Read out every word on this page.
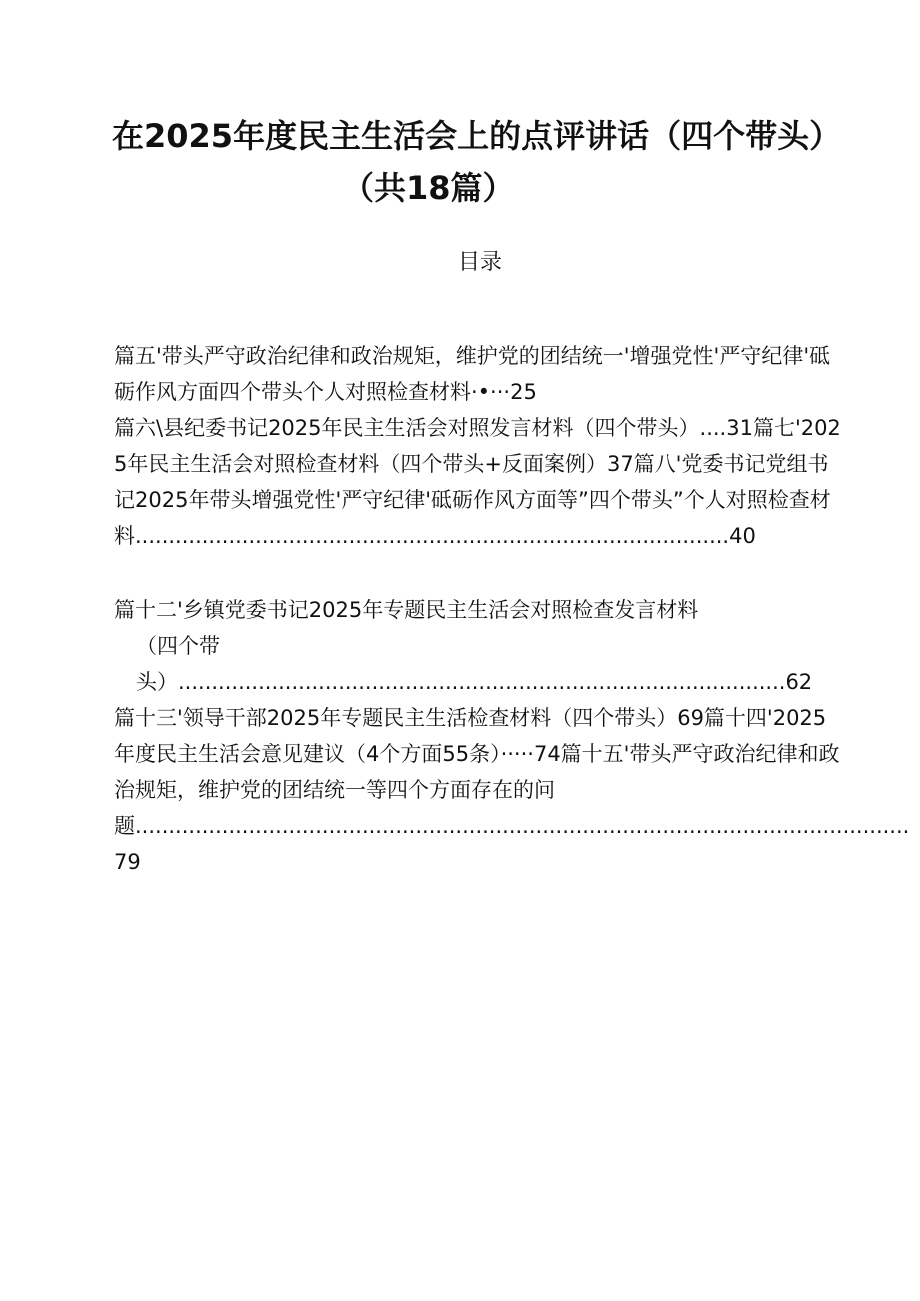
在2025年度民主生活会上的点评讲话（四个带头）
（共18篇）
目录

篇五'带头严守政治纪律和政治规矩，维护党的团结统一'增强党性'严守纪律'砥砺作风方面四个带头个人对照检查材料·•···25

篇六\县纪委书记2025年民主生活会对照发言材料（四个带头）....31篇七'2025年民主生活会对照检查材料（四个带头+反面案例）37篇八'党委书记党组书记2025年带头增强党性'严守纪律'砥砺作风方面等”四个带头”个人对照检查材料.........................................................................................40

篇十二'乡镇党委书记2025年专题民主生活会对照检查发言材料

（四个带头）...........................................................................................62

篇十三'领导干部2025年专题民主生活检查材料（四个带头）69篇十四'2025年度民主生活会意见建议（4个方面55条）·····74篇十五'带头严守政治纪律和政治规矩，维护党的团结统一等四个方面存在的问题....................................................................................................................79
